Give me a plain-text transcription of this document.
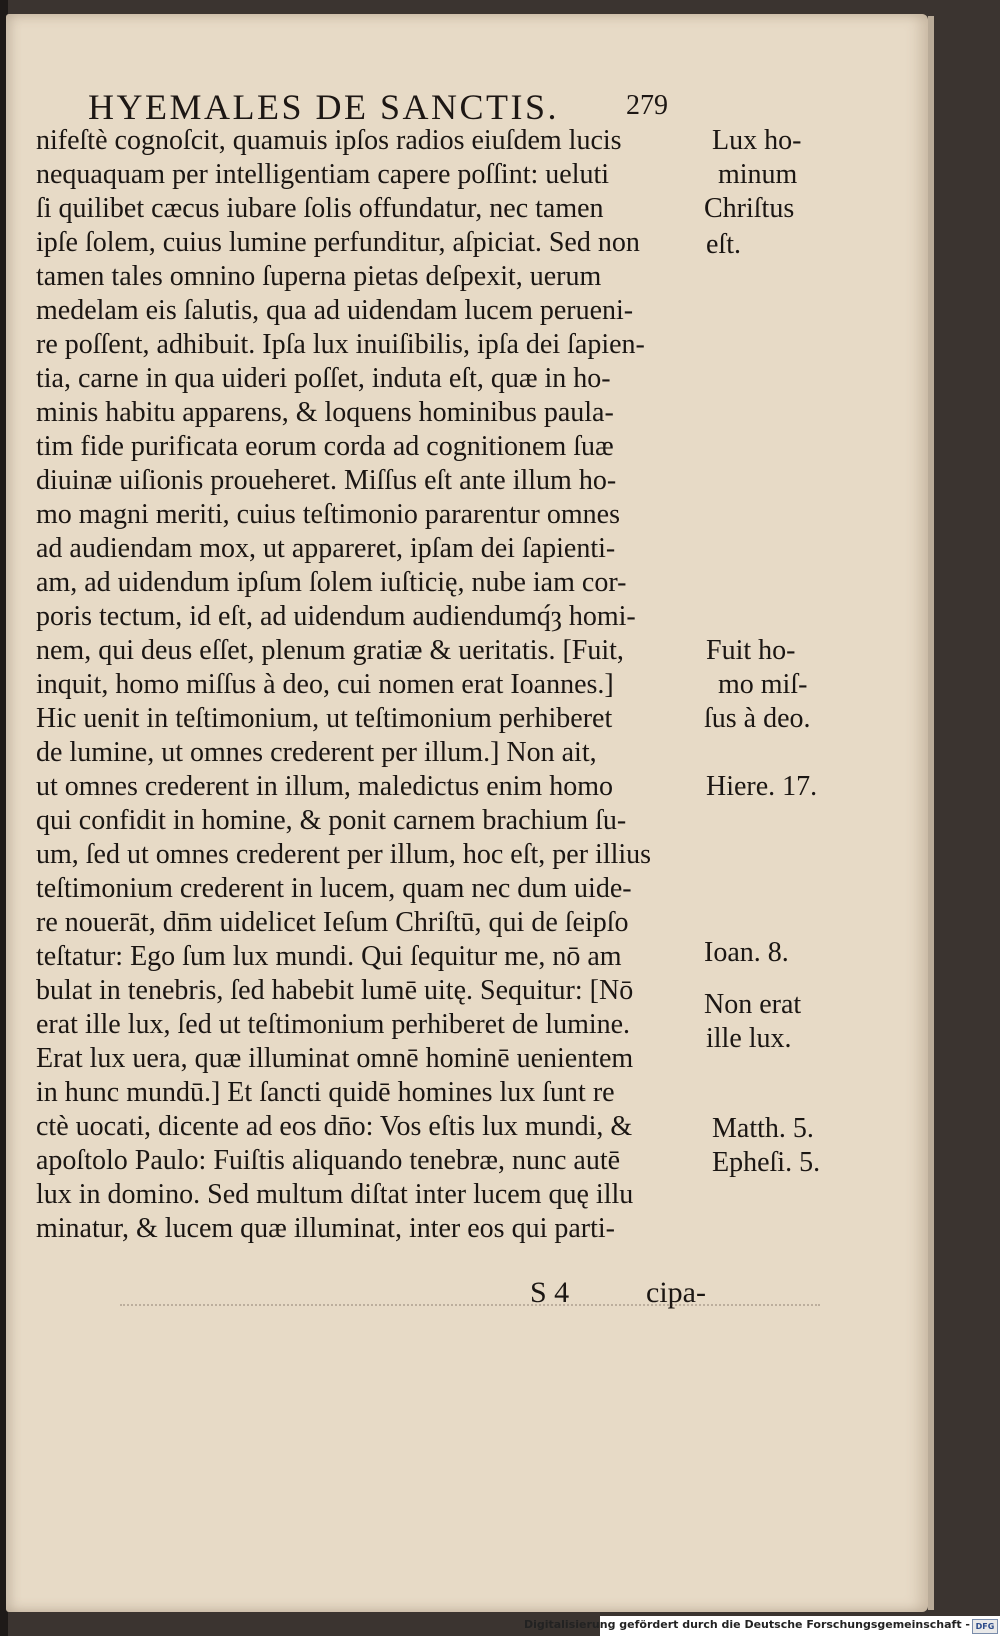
HYEMALES DE SANCTIS. 279
nifeſtè cognoſcit, quamuis ipſos radios eiuſdem lucis
nequaquam per intelligentiam capere poſſint: ueluti
ſi quilibet cæcus iubare ſolis offundatur, nec tamen
ipſe ſolem, cuius lumine perfunditur, aſpiciat. Sed non
tamen tales omnino ſuperna pietas deſpexit, uerum
medelam eis ſalutis, qua ad uidendam lucem perueni-
re poſſent, adhibuit. Ipſa lux inuiſibilis, ipſa dei ſapien-
tia, carne in qua uideri poſſet, induta eſt, quæ in ho-
minis habitu apparens, & loquens hominibus paula-
tim fide purificata eorum corda ad cognitionem ſuæ
diuinæ uiſionis proueheret. Miſſus eſt ante illum ho-
mo magni meriti, cuius teſtimonio pararentur omnes
ad audiendam mox, ut appareret, ipſam dei ſapienti-
am, ad uidendum ipſum ſolem iuſticię, nube iam cor-
poris tectum, id eſt, ad uidendum audiendumq́ȝ homi-
nem, qui deus eſſet, plenum gratiæ & ueritatis. [Fuit,
inquit, homo miſſus à deo, cui nomen erat Ioannes.]
Hic uenit in teſtimonium, ut teſtimonium perhiberet
de lumine, ut omnes crederent per illum.] Non ait,
ut omnes crederent in illum, maledictus enim homo
qui confidit in homine, & ponit carnem brachium ſu-
um, ſed ut omnes crederent per illum, hoc eſt, per illius
teſtimonium crederent in lucem, quam nec dum uide-
re nouerāt, dn̄m uidelicet Ieſum Chriſtū, qui de ſeipſo
teſtatur: Ego ſum lux mundi. Qui ſequitur me, nō am
bulat in tenebris, ſed habebit lumē uitę. Sequitur: [Nō
erat ille lux, ſed ut teſtimonium perhiberet de lumine.
Erat lux uera, quæ illuminat omnē hominē uenientem
in hunc mundū.] Et ſancti quidē homines lux ſunt re
ctè uocati, dicente ad eos dn̄o: Vos eſtis lux mundi, &
apoſtolo Paulo: Fuiſtis aliquando tenebræ, nunc autē
lux in domino. Sed multum diſtat inter lucem quę illu
minatur, & lucem quæ illuminat, inter eos qui parti-
Lux ho-
minum
Chriſtus
eſt.
Fuit ho-
mo miſ-
ſus à deo.
Hiere. 17.
Ioan. 8.
Non erat
ille lux.
Matth. 5.
Epheſi. 5.
S 4	cipa-
Digitalisierung gefördert durch die Deutsche Forschungsgemeinschaft - DFG
